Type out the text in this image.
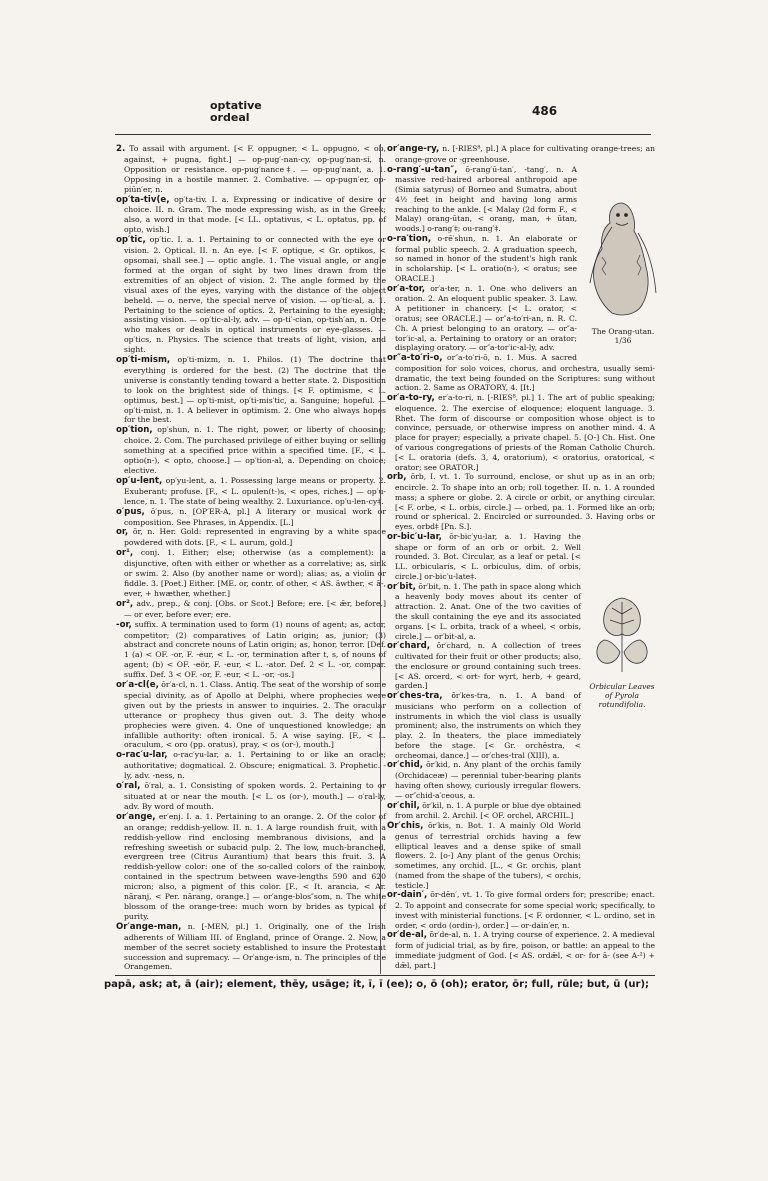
optative
ordeal	486
2. To assail with argument. [< F. oppugner, < L. oppugno, < ob, against, + pugna, fight.] — op-pug′-nan-cy, op-pug′nan-si, n. Opposition or resistance. op-pug′nance‡. — op-pug′nant, a. 1. Opposing in a hostile manner. 2. Combative. — op-pugn′er, op-piūn′er, n.
op′ta-tiv(e, op′ta-tiv. I. a. Expressing or indicative of desire or choice. II. n. Gram. The mode expressing wish, as in the Greek; also, a word in that mode. [< LL. optativus, < L. optatus, pp. of opto, wish.]
op′tic, op′tic. I. a. 1. Pertaining to or connected with the eye or vision. 2. Optical. II. n. An eye. [< F. optique, < Gr. optikos, < opsomai, shall see.] — optic angle. 1. The visual angle, or angle formed at the organ of sight by two lines drawn from the extremities of an object of vision. 2. The angle formed by the visual axes of the eyes, varying with the distance of the object beheld. — o. nerve, the special nerve of vision. — op′tic-al, a. 1. Pertaining to the science of optics. 2. Pertaining to the eyesight; assisting vision. — op′tic-al-ly, adv. — op-ti′-cian, op-tish′an, n. One who makes or deals in optical instruments or eye-glasses. — op′tics, n. Physics. The science that treats of light, vision, and sight.
op′ti-mism, op′ti-mizm, n. 1. Philos. (1) The doctrine that everything is ordered for the best. (2) The doctrine that the universe is constantly tending toward a better state. 2. Disposition to look on the brightest side of things. [< F. optimisme, < L. optimus, best.] — op′ti-mist, op′ti-mis′tic, a. Sanguine; hopeful. — op′ti-mist, n. 1. A believer in optimism. 2. One who always hopes for the best.
op′tion, op′shun, n. 1. The right, power, or liberty of choosing; choice. 2. Com. The purchased privilege of either buying or selling something at a specified price within a specified time. [F., < L. optio(n-), < opto, choose.] — op′tion-al, a. Depending on choice; elective.
op′u-lent, op′yu-lent, a. 1. Possessing large means or property. 2. Exuberant; profuse. [F., < L. opulen(t-)s, < opes, riches.] — op′u-lence, n. 1. The state of being wealthy. 2. Luxuriance. op′u-len-cy‡.
o′pus, ō′pus, n. [OP′ER-A, pl.] A literary or musical work or composition. See Phrases, in Appendix. [L.]
or, ōr, n. Her. Gold: represented in engraving by a white space powdered with dots. [F., < L. aurum, gold.]
or¹, conj. 1. Either; else; otherwise (as a complement): a disjunctive, often with either or whether as a correlative; as, sink or swim. 2. Also (by another name or word); alias; as, a violin or fiddle. 3. [Poet.] Either. [ME. or, contr. of other, < AS. āwther, < ā-, ever, + hwæther, whether.]
or², adv., prep., & conj. [Obs. or Scot.] Before; ere. [< ǣr, before.] — or ever, before ever; ere.
-or, suffix. A termination used to form (1) nouns of agent; as, actor, competitor; (2) comparatives of Latin origin; as, junior; (3) abstract and concrete nouns of Latin origin; as, honor, terror. [Def. 1 (a) < OF. -or, F. -eur, < L. -or, termination after t, s, of nouns of agent; (b) < OF. -eör, F. -eur, < L. -ator. Def. 2 < L. -or, compar. suffix. Def. 3 < OF. -or, F. -eur, < L. -or, -os.]
or′a-cl(e, ōr′a-cl, n. 1. Class. Antiq. The seat of the worship of some special divinity, as of Apollo at Delphi, where prophecies were given out by the priests in answer to inquiries. 2. The oracular utterance or prophecy thus given out. 3. The deity whose prophecies were given. 4. One of unquestioned knowledge; an infallible authority: often ironical. 5. A wise saying. [F., < L. oraculum, < oro (pp. oratus), pray, < os (or-), mouth.]
o-rac′u-lar, o-rac′yu-lar, a. 1. Pertaining to or like an oracle; authoritative; dogmatical. 2. Obscure; enigmatical. 3. Prophetic. -ly, adv. -ness, n.
o′ral, ō′ral, a. 1. Consisting of spoken words. 2. Pertaining to or situated at or near the mouth. [< L. os (or-), mouth.] — o′ral-ly, adv. By word of mouth.
or′ange, er′enj. I. a. 1. Pertaining to an orange. 2. Of the color of an orange; reddish-yellow. II. n. 1. A large roundish fruit, with a reddish-yellow rind enclosing membranous divisions, and a refreshing sweetish or subacid pulp. 2. The low, much-branched, evergreen tree (Citrus Aurantium) that bears this fruit. 3. A reddish-yellow color: one of the so-called colors of the rainbow, contained in the spectrum between wave-lengths 590 and 620 micron; also, a pigment of this color. [F., < It. arancia, < Ar. nāranj, < Per. nārang, orange.] — or′ange-blos″som, n. The white blossom of the orange-tree: much worn by brides as typical of purity.
Or′ange-man, n. [-MEN, pl.] 1. Originally, one of the Irish adherents of William III. of England, prince of Orange. 2. Now, a member of the secret society established to insure the Protestant succession and supremacy. — Or′ange-ism, n. The principles of the Orangemen.
or′ange-ry, n. [-RIES⁸, pl.] A place for cultivating orange-trees; an orange-grove or -greenhouse.
o-rang′-u-tan″, ō-rang′ū-tan′, -tang′, n. A massive red-haired arboreal anthropoid ape (Simia satyrus) of Borneo and Sumatra, about 4½ feet in height and having long arms reaching to the ankle. [< Malay (2d form F., < Malay) orang-ūtan, < orang, man, + ūtan, woods.] o-rang′‡; ou-rang′‡.
o-ra′tion, o-rē′shun, n. 1. An elaborate or formal public speech. 2. A graduation speech, so named in honor of the student's high rank in scholarship. [< L. oratio(n-), < oratus; see ORACLE.]
or′a-tor, or′a-ter, n. 1. One who delivers an oration. 2. An eloquent public speaker. 3. Law. A petitioner in chancery. [< L. orator, < oratus; see ORACLE.] — or″a-to′ri-an, n. R. C. Ch. A priest belonging to an oratory. — or″a-tor′ic-al, a. Pertaining to oratory or an orator; displaying oratory. — or″a-tor′ic-al-ly, adv.
or″a-to′ri-o, or″a-to′ri-ō, n. 1. Mus. A sacred composition for solo voices, chorus, and orchestra, usually semi-dramatic, the text being founded on the Scriptures: sung without action. 2. Same as ORATORY, 4. [It.]
or′a-to-ry, er′a-to-ri, n. [-RIES⁸, pl.] 1. The art of public speaking; eloquence. 2. The exercise of eloquence; eloquent language. 3. Rhet. The form of discourse or composition whose object is to convince, persuade, or otherwise impress on another mind. 4. A place for prayer; especially, a private chapel. 5. [O-] Ch. Hist. One of various congregations of priests of the Roman Catholic Church. [< L. oratoria (defs. 3, 4, oratorium), < oratorius, oratorical, < orator; see ORATOR.]
orb, ōrb, I. vt. 1. To surround, enclose, or shut up as in an orb; encircle. 2. To shape into an orb; roll together. II. n. 1. A rounded mass; a sphere or globe. 2. A circle or orbit, or anything circular. [< F. orbe, < L. orbis, circle.] — orbed, pa. 1. Formed like an orb; round or spherical. 2. Encircled or surrounded. 3. Having orbs or eyes. orbd‡ [Pn. S.].
or-bic′u-lar, ōr-bic′yu-lar, a. 1. Having the shape or form of an orb or orbit. 2. Well rounded. 3. Bot. Circular, as a leaf or petal. [< LL. orbicularis, < L. orbiculus, dim. of orbis, circle.] or-bic′u-late‡.
or′bit, ōr′bit, n. 1. The path in space along which a heavenly body moves about its center of attraction. 2. Anat. One of the two cavities of the skull containing the eye and its associated organs. [< L. orbita, track of a wheel, < orbis, circle.] — or′bit-al, a.
or′chard, ōr′chard, n. A collection of trees cultivated for their fruit or other products; also, the enclosure or ground containing such trees. [< AS. orcerd, < ort- for wyrt, herb, + geard, garden.]
or′ches-tra, ōr′kes-tra, n. 1. A band of musicians who perform on a collection of instruments in which the viol class is usually prominent; also, the instruments on which they play. 2. In theaters, the place immediately before the stage. [< Gr. orchēstra, < orcheomai, dance.] — or′ches-tral (XIII), a.
or′chid, ōr′kid, n. Any plant of the orchis family (Orchidaceæ) — perennial tuber-bearing plants having often showy, curiously irregular flowers. — or″chid-a′ceous, a.
or′chil, ōr′kil, n. 1. A purple or blue dye obtained from archil. 2. Archil. [< OF. orchel, ARCHIL.]
Or′chis, ōr′kis, n. Bot. 1. A mainly Old World genus of terrestrial orchids having a few elliptical leaves and a dense spike of small flowers. 2. [o-] Any plant of the genus Orchis; sometimes, any orchid. [L., < Gr. orchis, plant (named from the shape of the tubers), < orchis, testicle.]
or-dain′, ōr-dēn′, vt. 1. To give formal orders for; prescribe; enact. 2. To appoint and consecrate for some special work; specifically, to invest with ministerial functions. [< F. ordonner, < L. ordino, set in order, < ordo (ordin-), order.] — or-dain′er, n.
or′de-al, ōr′de-al, n. 1. A trying course of experience. 2. A medieval form of judicial trial, as by fire, poison, or battle: an appeal to the immediate judgment of God. [< AS. ordǣl, < or- for ā- (see A-²) + dǣl, part.]
The Orang-utan. 1/36
Orbicular Leaves of Pyrola rotundifolia.
papā, ask; at, ā (air); element, thēy, usāge; it, ī, ī (ee); o, ō (oh); erator, ōr; full, rūle; but, ū (ur);
